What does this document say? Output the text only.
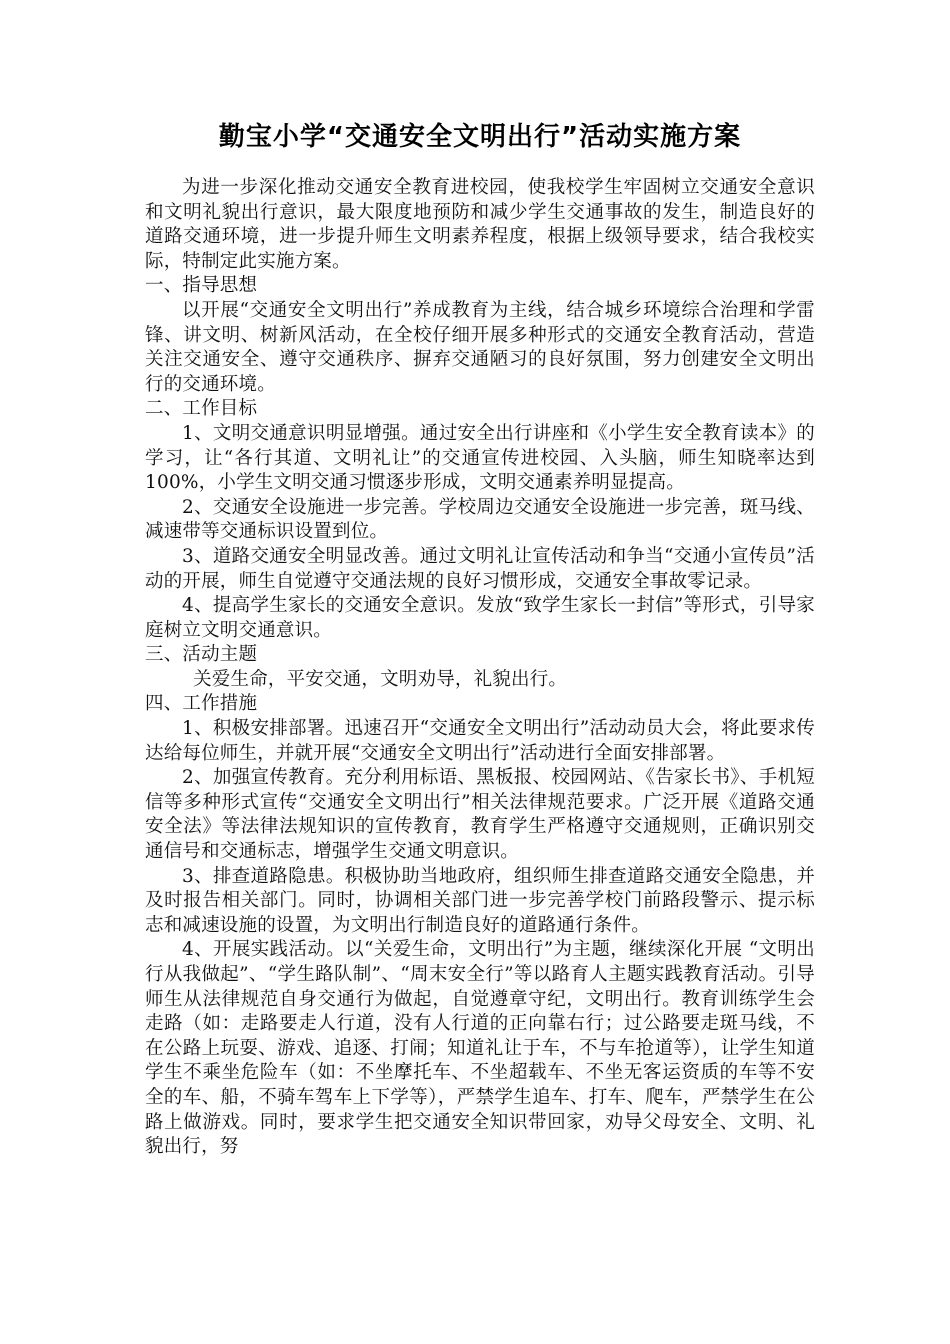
勤宝小学“交通安全文明出行”活动实施方案

为进一步深化推动交通安全教育进校园，使我校学生牢固树立交通安全意识和文明礼貌出行意识，最大限度地预防和减少学生交通事故的发生，制造良好的道路交通环境，进一步提升师生文明素养程度，根据上级领导要求，结合我校实际，特制定此实施方案。

一、指导思想

以开展“交通安全文明出行”养成教育为主线，结合城乡环境综合治理和学雷锋、讲文明、树新风活动，在全校仔细开展多种形式的交通安全教育活动，营造关注交通安全、遵守交通秩序、摒弃交通陋习的良好氛围，努力创建安全文明出行的交通环境。

二、工作目标

1、文明交通意识明显增强。通过安全出行讲座和《小学生安全教育读本》的学习，让“各行其道、文明礼让”的交通宣传进校园、入头脑，师生知晓率达到100%，小学生文明交通习惯逐步形成，文明交通素养明显提高。

2、交通安全设施进一步完善。学校周边交通安全设施进一步完善，斑马线、减速带等交通标识设置到位。

3、道路交通安全明显改善。通过文明礼让宣传活动和争当“交通小宣传员”活动的开展，师生自觉遵守交通法规的良好习惯形成，交通安全事故零记录。

4、提高学生家长的交通安全意识。发放“致学生家长一封信”等形式，引导家庭树立文明交通意识。

三、活动主题

关爱生命，平安交通，文明劝导，礼貌出行。

四、工作措施

1、积极安排部署。迅速召开“交通安全文明出行”活动动员大会，将此要求传达给每位师生，并就开展“交通安全文明出行”活动进行全面安排部署。

2、加强宣传教育。充分利用标语、黑板报、校园网站、《告家长书》、手机短信等多种形式宣传“交通安全文明出行”相关法律规范要求。广泛开展《道路交通安全法》等法律法规知识的宣传教育，教育学生严格遵守交通规则，正确识别交通信号和交通标志，增强学生交通文明意识。

3、排查道路隐患。积极协助当地政府，组织师生排查道路交通安全隐患，并及时报告相关部门。同时，协调相关部门进一步完善学校门前路段警示、提示标志和减速设施的设置，为文明出行制造良好的道路通行条件。

4、开展实践活动。以“关爱生命，文明出行”为主题，继续深化开展 “文明出行从我做起”、“学生路队制”、“周末安全行”等以路育人主题实践教育活动。引导师生从法律规范自身交通行为做起，自觉遵章守纪，文明出行。教育训练学生会走路（如：走路要走人行道，没有人行道的正向靠右行；过公路要走斑马线，不在公路上玩耍、游戏、追逐、打闹；知道礼让于车，不与车抢道等），让学生知道学生不乘坐危险车（如：不坐摩托车、不坐超载车、不坐无客运资质的车等不安全的车、船，不骑车驾车上下学等），严禁学生追车、打车、爬车，严禁学生在公路上做游戏。同时，要求学生把交通安全知识带回家，劝导父母安全、文明、礼貌出行，努
